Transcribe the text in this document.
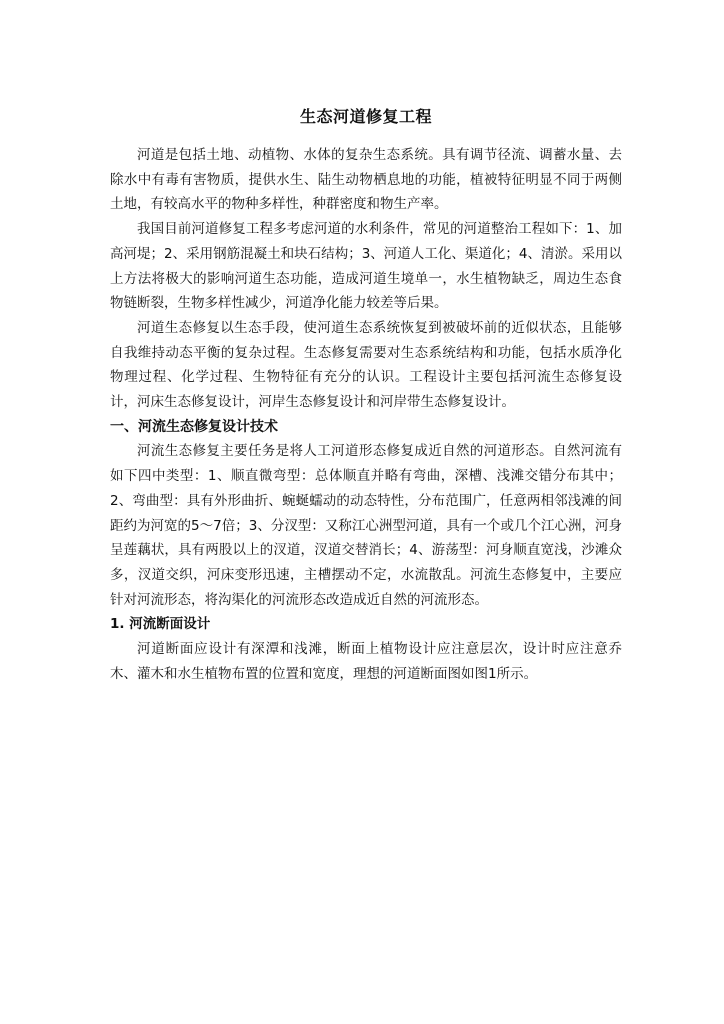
生态河道修复工程

河道是包括土地、动植物、水体的复杂生态系统。具有调节径流、调蓄水量、去除水中有毒有害物质，提供水生、陆生动物栖息地的功能，植被特征明显不同于两侧土地，有较高水平的物种多样性，种群密度和物生产率。

我国目前河道修复工程多考虑河道的水利条件，常见的河道整治工程如下：1、加高河堤；2、采用钢筋混凝土和块石结构；3、河道人工化、渠道化；4、清淤。采用以上方法将极大的影响河道生态功能，造成河道生境单一，水生植物缺乏，周边生态食物链断裂，生物多样性减少，河道净化能力较差等后果。

河道生态修复以生态手段，使河道生态系统恢复到被破坏前的近似状态，且能够自我维持动态平衡的复杂过程。生态修复需要对生态系统结构和功能，包括水质净化物理过程、化学过程、生物特征有充分的认识。工程设计主要包括河流生态修复设计，河床生态修复设计，河岸生态修复设计和河岸带生态修复设计。

一、河流生态修复设计技术

河流生态修复主要任务是将人工河道形态修复成近自然的河道形态。自然河流有如下四中类型：1、顺直微弯型：总体顺直并略有弯曲，深槽、浅滩交错分布其中；2、弯曲型：具有外形曲折、蜿蜒蠕动的动态特性，分布范围广，任意两相邻浅滩的间距约为河宽的5～7倍；3、分汊型：又称江心洲型河道，具有一个或几个江心洲，河身呈莲藕状，具有两股以上的汊道，汊道交替消长；4、游荡型：河身顺直宽浅，沙滩众多，汊道交织，河床变形迅速，主槽摆动不定，水流散乱。河流生态修复中，主要应针对河流形态，将沟渠化的河流形态改造成近自然的河流形态。

1. 河流断面设计

河道断面应设计有深潭和浅滩，断面上植物设计应注意层次，设计时应注意乔木、灌木和水生植物布置的位置和宽度，理想的河道断面图如图1所示。
